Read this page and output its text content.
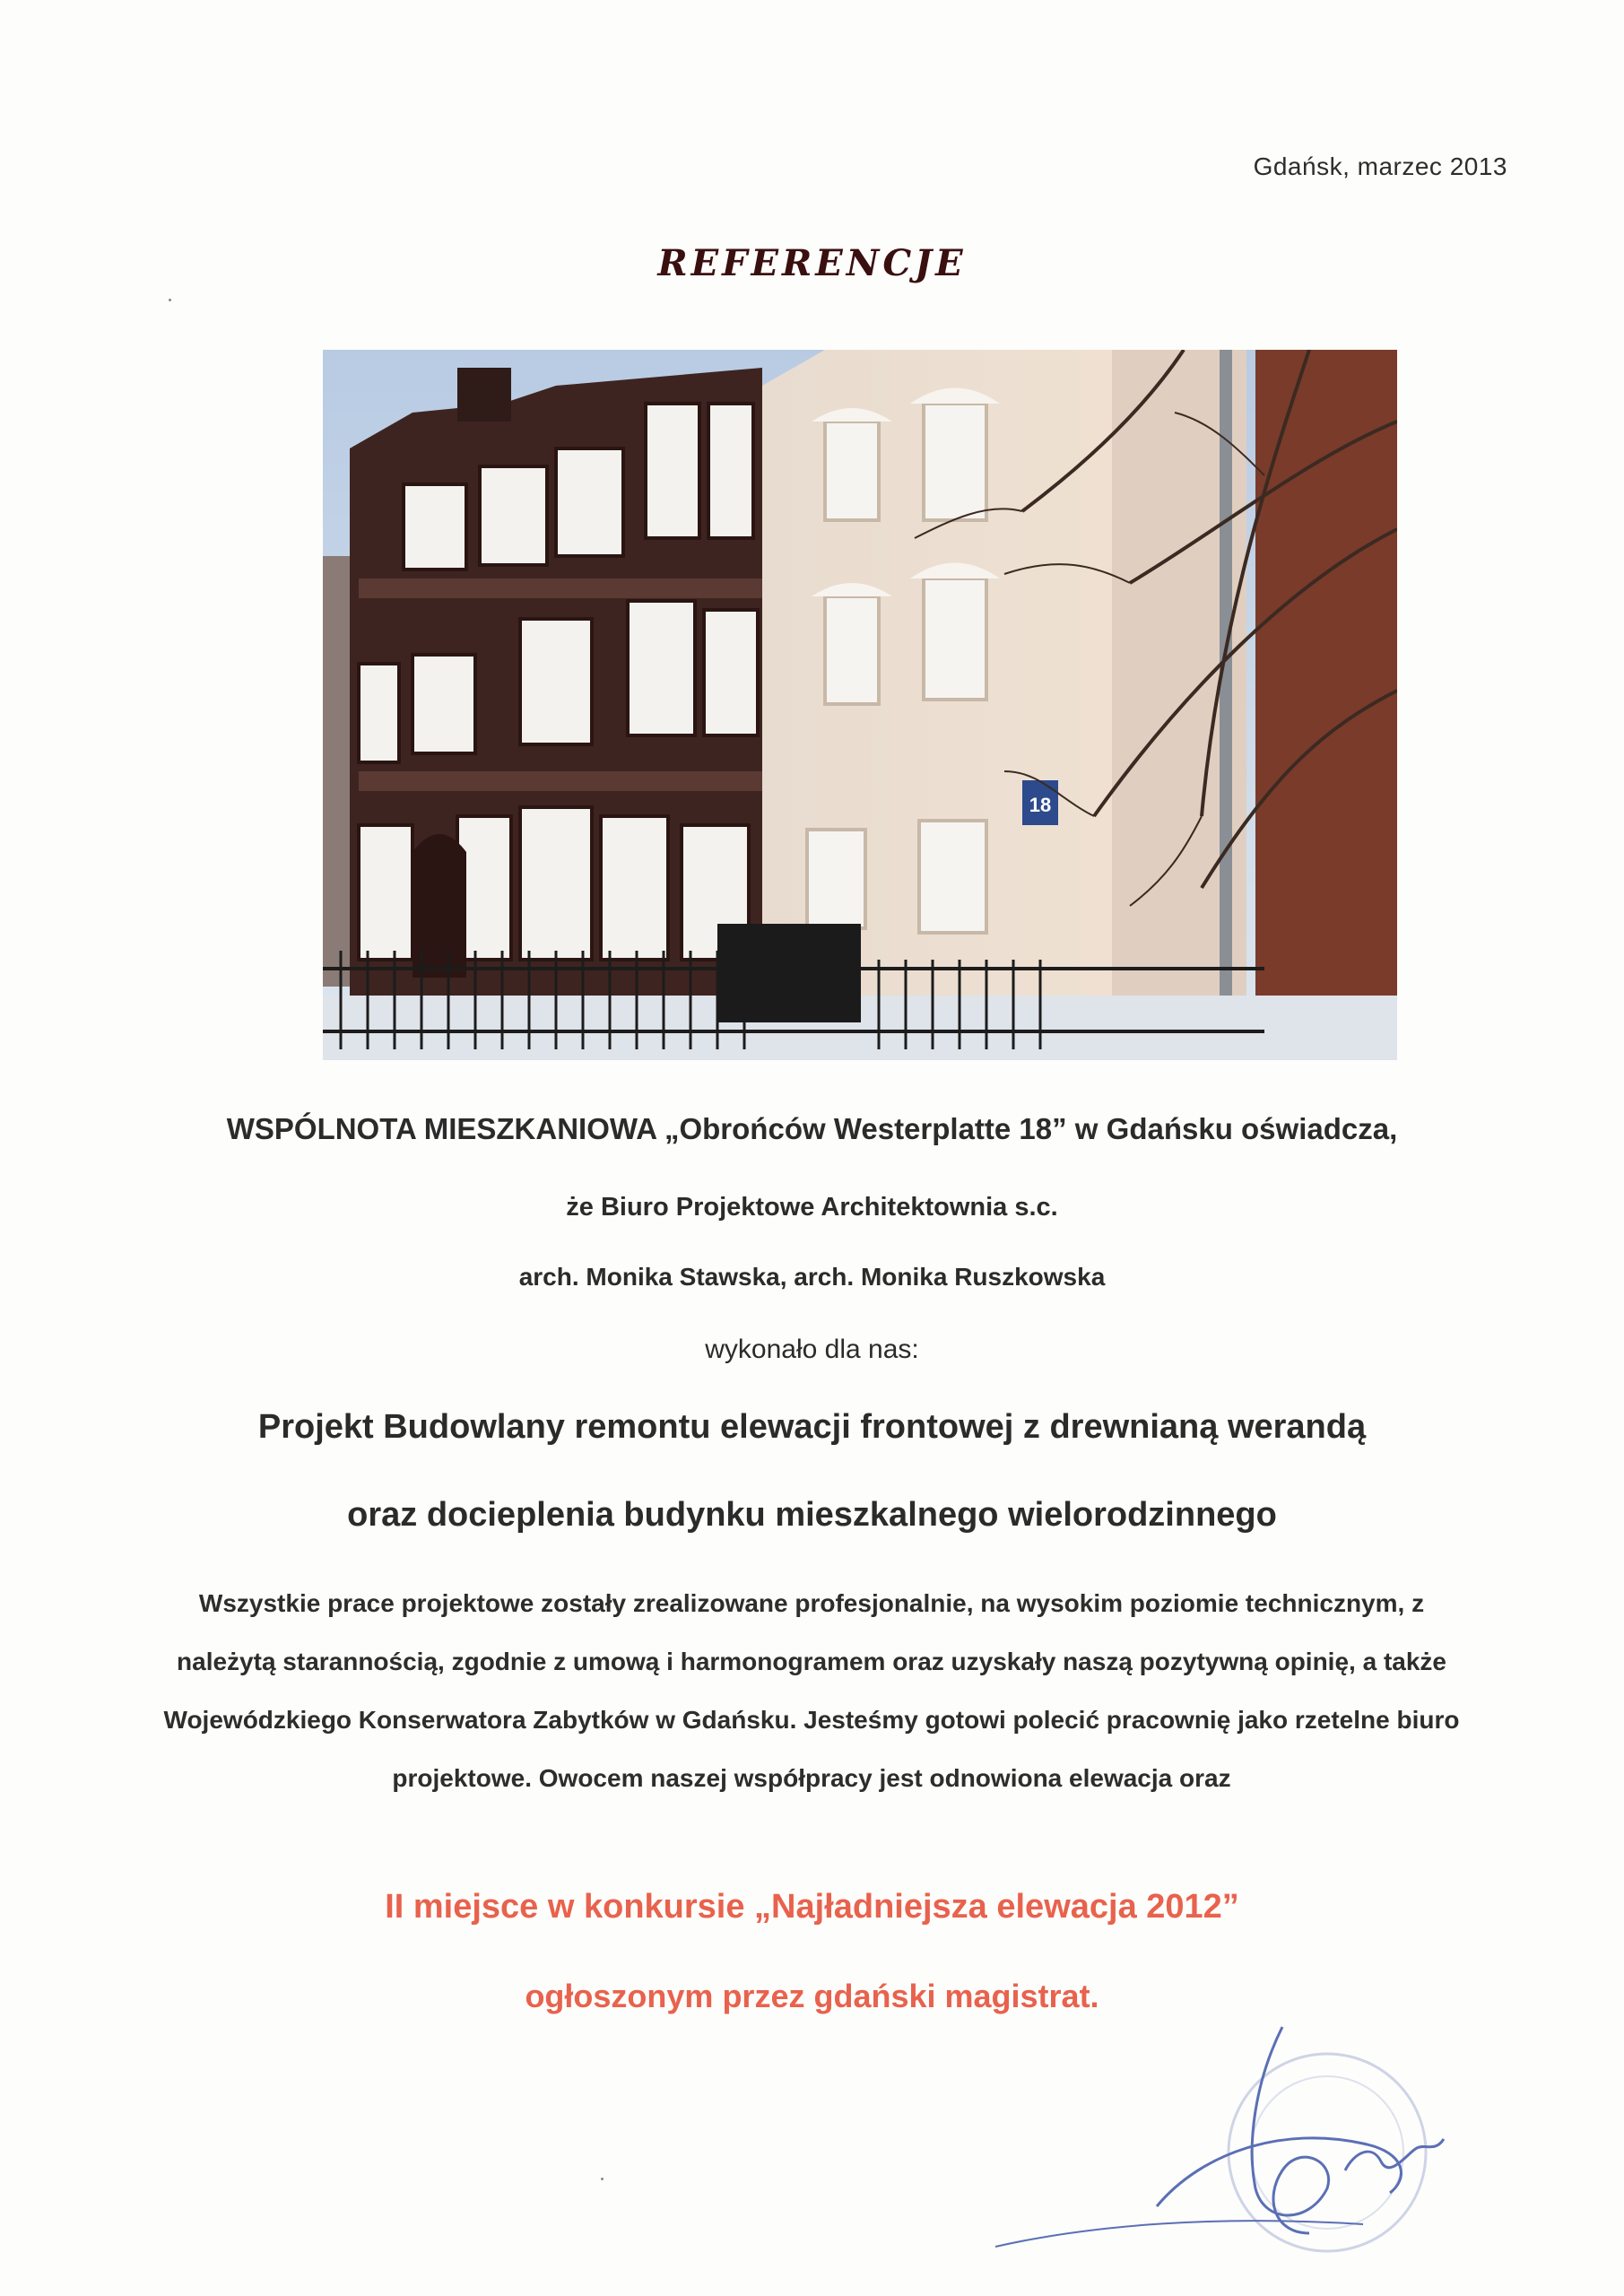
Gdańsk, marzec 2013
REFERENCJE
18
WSPÓLNOTA MIESZKANIOWA „Obrońców Westerplatte 18” w Gdańsku oświadcza,
że Biuro Projektowe Architektownia s.c.
arch. Monika Stawska, arch. Monika Ruszkowska
wykonało dla nas:
Projekt Budowlany remontu elewacji frontowej z drewnianą werandą
oraz docieplenia budynku mieszkalnego wielorodzinnego
Wszystkie prace projektowe zostały zrealizowane profesjonalnie, na wysokim poziomie technicznym, z należytą starannością, zgodnie z umową i harmonogramem oraz uzyskały naszą pozytywną opinię, a także Wojewódzkiego Konserwatora Zabytków w Gdańsku. Jesteśmy gotowi polecić pracownię jako rzetelne biuro projektowe. Owocem naszej współpracy jest odnowiona elewacja oraz
II miejsce w konkursie „Najładniejsza elewacja 2012”
ogłoszonym przez gdański magistrat.
